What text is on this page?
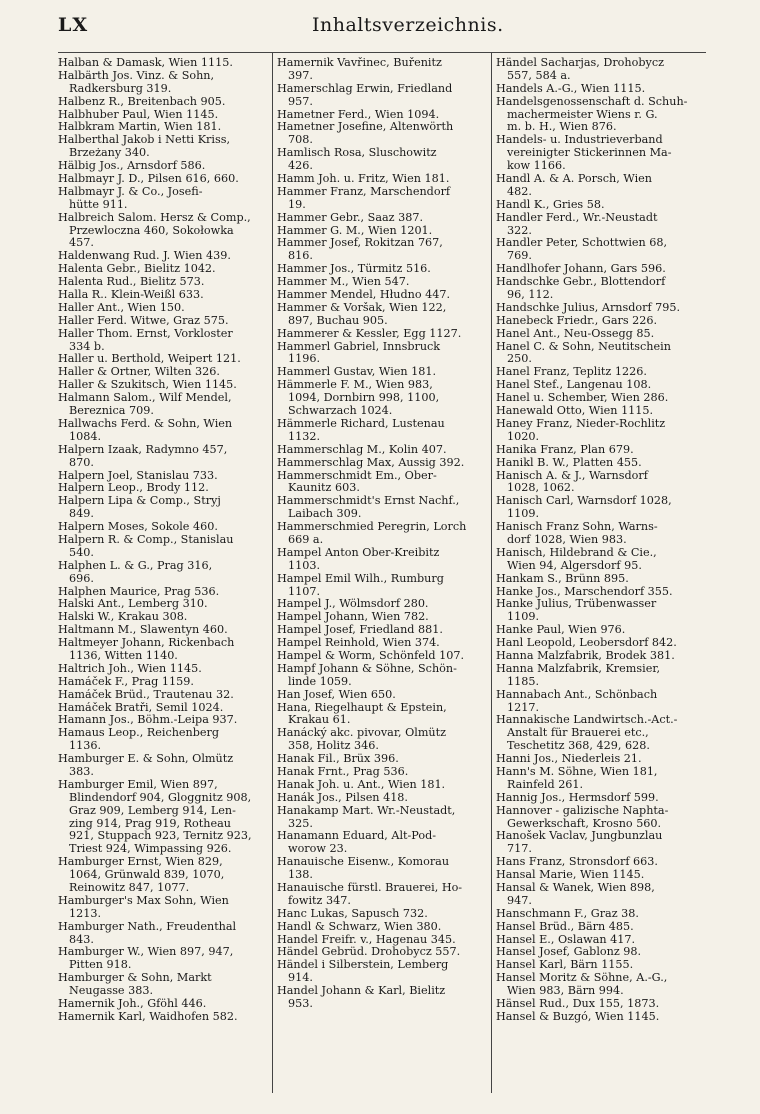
LX	Inhaltsverzeichnis.
Halban & Damask, Wien 1115.
Halbärth Jos. Vinz. & Sohn,
Radkersburg 319.
Halbenz R., Breitenbach 905.
Halbhuber Paul, Wien 1145.
Halbkram Martin, Wien 181.
Halberthal Jakob i Netti Kriss,
Brzeżany 340.
Hälbig Jos., Arnsdorf 586.
Halbmayr J. D., Pilsen 616, 660.
Halbmayr J. & Co., Josefi-
hütte 911.
Halbreich Salom. Hersz & Comp.,
Przewloczna 460, Sokołowka
457.
Haldenwang Rud. J. Wien 439.
Halenta Gebr., Bielitz 1042.
Halenta Rud., Bielitz 573.
Halla R.. Klein-Weißl 633.
Haller Ant., Wien 150.
Haller Ferd. Witwe, Graz 575.
Haller Thom. Ernst, Vorkloster
334 b.
Haller u. Berthold, Weipert 121.
Haller & Ortner, Wilten 326.
Haller & Szukitsch, Wien 1145.
Halmann Salom., Wilf Mendel,
Bereznica 709.
Hallwachs Ferd. & Sohn, Wien
1084.
Halpern Izaak, Radymno 457,
870.
Halpern Joel, Stanislau 733.
Halpern Leop., Brody 112.
Halpern Lipa & Comp., Stryj
849.
Halpern Moses, Sokole 460.
Halpern R. & Comp., Stanislau
540.
Halphen L. & G., Prag 316,
696.
Halphen Maurice, Prag 536.
Halski Ant., Lemberg 310.
Halski W., Krakau 308.
Haltmann M., Slawentyn 460.
Haltmeyer Johann, Rickenbach
1136, Witten 1140.
Haltrich Joh., Wien 1145.
Hamáček F., Prag 1159.
Hamáček Brüd., Trautenau 32.
Hamáček Bratři, Semil 1024.
Hamann Jos., Böhm.-Leipa 937.
Hamaus Leop., Reichenberg
1136.
Hamburger E. & Sohn, Olmütz
383.
Hamburger Emil, Wien 897,
Blindendorf 904, Gloggnitz 908,
Graz 909, Lemberg 914, Len-
zing 914, Prag 919, Rotheau
921, Stuppach 923, Ternitz 923,
Triest 924, Wimpassing 926.
Hamburger Ernst, Wien 829,
1064, Grünwald 839, 1070,
Reinowitz 847, 1077.
Hamburger's Max Sohn, Wien
1213.
Hamburger Nath., Freudenthal
843.
Hamburger W., Wien 897, 947,
Pitten 918.
Hamburger & Sohn, Markt
Neugasse 383.
Hamernik Joh., Gföhl 446.
Hamernik Karl, Waidhofen 582.
Hamernik Vavřinec, Buřenitz
397.
Hamerschlag Erwin, Friedland
957.
Hametner Ferd., Wien 1094.
Hametner Josefine, Altenwörth
708.
Hamlisch Rosa, Sluschowitz
426.
Hamm Joh. u. Fritz, Wien 181.
Hammer Franz, Marschendorf
19.
Hammer Gebr., Saaz 387.
Hammer G. M., Wien 1201.
Hammer Josef, Rokitzan 767,
816.
Hammer Jos., Türmitz 516.
Hammer M., Wien 547.
Hammer Mendel, Hłudno 447.
Hammer & Voršak, Wien 122,
897, Buchau 905.
Hammerer & Kessler, Egg 1127.
Hammerl Gabriel, Innsbruck
1196.
Hammerl Gustav, Wien 181.
Hämmerle F. M., Wien 983,
1094, Dornbirn 998, 1100,
Schwarzach 1024.
Hämmerle Richard, Lustenau
1132.
Hammerschlag M., Kolin 407.
Hammerschlag Max, Aussig 392.
Hammerschmidt Em., Ober-
Kaunitz 603.
Hammerschmidt's Ernst Nachf.,
Laibach 309.
Hammerschmied Peregrin, Lorch
669 a.
Hampel Anton Ober-Kreibitz
1103.
Hampel Emil Wilh., Rumburg
1107.
Hampel J., Wölmsdorf 280.
Hampel Johann, Wien 782.
Hampel Josef, Friedland 881.
Hampel Reinhold, Wien 374.
Hampel & Worm, Schönfeld 107.
Hampf Johann & Söhne, Schön-
linde 1059.
Han Josef, Wien 650.
Hana, Riegelhaupt & Epstein,
Krakau 61.
Hanácký akc. pivovar, Olmütz
358, Holitz 346.
Hanak Fil., Brüx 396.
Hanak Frnt., Prag 536.
Hanak Joh. u. Ant., Wien 181.
Hanák Jos., Pilsen 418.
Hanakamp Mart. Wr.-Neustadt,
325.
Hanamann Eduard, Alt-Pod-
worow 23.
Hanauische Eisenw., Komorau
138.
Hanauische fürstl. Brauerei, Ho-
fowitz 347.
Hanc Lukas, Sapusch 732.
Handl & Schwarz, Wien 380.
Handel Freifr. v., Hagenau 345.
Händel Gebrüd. Drohobycz 557.
Händel i Silberstein, Lemberg
914.
Handel Johann & Karl, Bielitz
953.
Händel Sacharjas, Drohobycz
557, 584 a.
Handels A.-G., Wien 1115.
Handelsgenossenschaft d. Schuh-
machermeister Wiens r. G.
m. b. H., Wien 876.
Handels- u. Industrieverband
vereinigter Stickerinnen Ma-
kow 1166.
Handl A. & A. Porsch, Wien
482.
Handl K., Gries 58.
Handler Ferd., Wr.-Neustadt
322.
Handler Peter, Schottwien 68,
769.
Handlhofer Johann, Gars 596.
Handschke Gebr., Blottendorf
96, 112.
Handschke Julius, Arnsdorf 795.
Hanebeck Friedr., Gars 226.
Hanel Ant., Neu-Ossegg 85.
Hanel C. & Sohn, Neutitschein
250.
Hanel Franz, Teplitz 1226.
Hanel Stef., Langenau 108.
Hanel u. Schember, Wien 286.
Hanewald Otto, Wien 1115.
Haney Franz, Nieder-Rochlitz
1020.
Hanika Franz, Plan 679.
Hanikl B. W., Platten 455.
Hanisch A. & J., Warnsdorf
1028, 1062.
Hanisch Carl, Warnsdorf 1028,
1109.
Hanisch Franz Sohn, Warns-
dorf 1028, Wien 983.
Hanisch, Hildebrand & Cie.,
Wien 94, Algersdorf 95.
Hankam S., Brünn 895.
Hanke Jos., Marschendorf 355.
Hanke Julius, Trübenwasser
1109.
Hanke Paul, Wien 976.
Hanl Leopold, Leobersdorf 842.
Hanna Malzfabrik, Brodek 381.
Hanna Malzfabrik, Kremsier,
1185.
Hannabach Ant., Schönbach
1217.
Hannakische Landwirtsch.-Act.-
Anstalt für Brauerei etc.,
Teschetitz 368, 429, 628.
Hanni Jos., Niederleis 21.
Hann's M. Söhne, Wien 181,
Rainfeld 261.
Hannig Jos., Hermsdorf 599.
Hannover - galizische Naphta-
Gewerkschaft, Krosno 560.
Hanošek Vaclav, Jungbunzlau
717.
Hans Franz, Stronsdorf 663.
Hansal Marie, Wien 1145.
Hansal & Wanek, Wien 898,
947.
Hanschmann F., Graz 38.
Hansel Brüd., Bärn 485.
Hansel E., Oslawan 417.
Hansel Josef, Gablonz 98.
Hansel Karl, Bärn 1155.
Hansel Moritz & Söhne, A.-G.,
Wien 983, Bärn 994.
Hänsel Rud., Dux 155, 1873.
Hansel & Buzgó, Wien 1145.
